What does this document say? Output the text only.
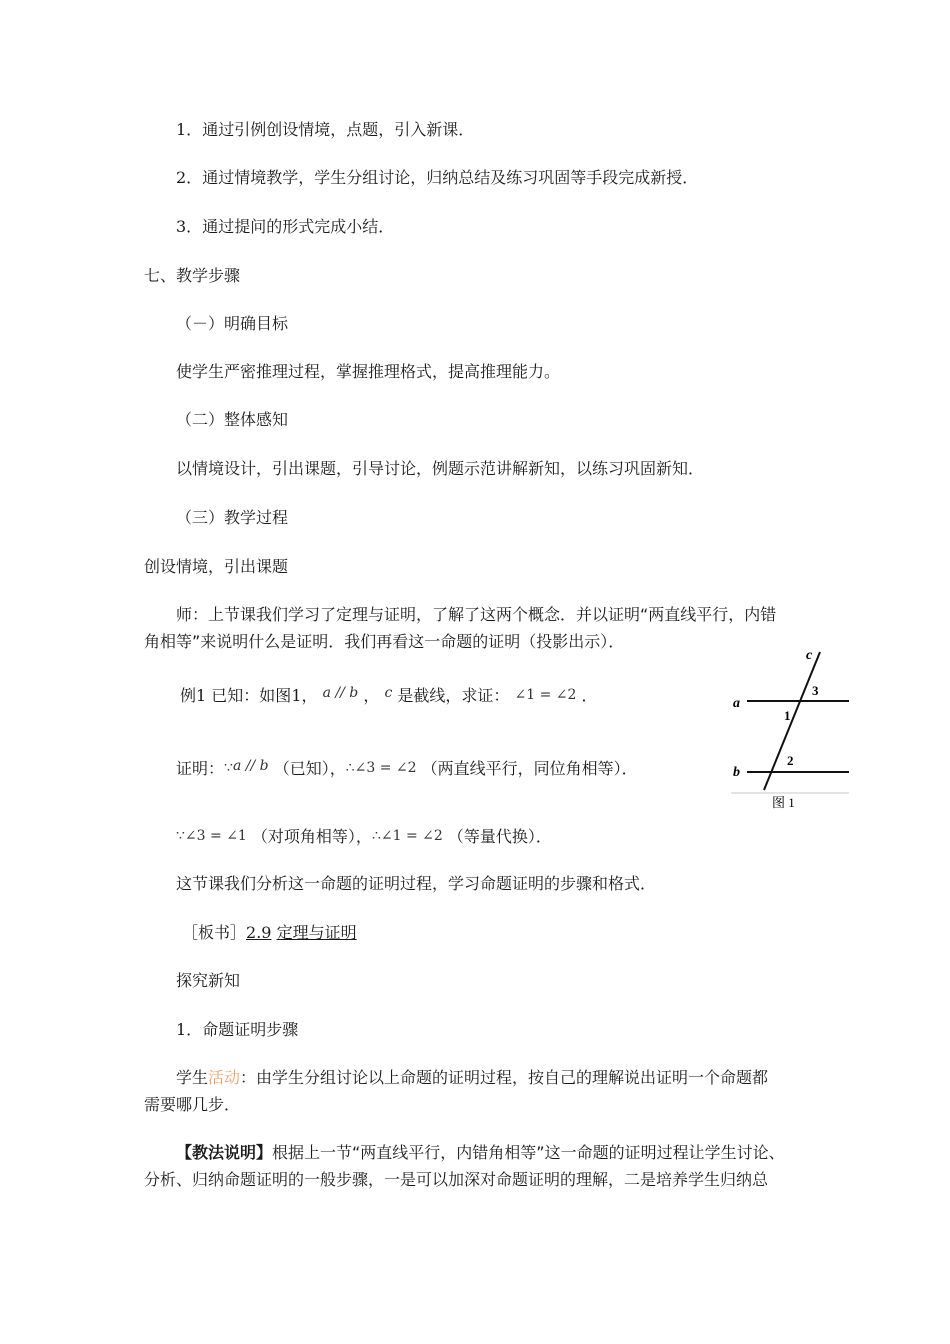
1．通过引例创设情境，点题，引入新课．
2．通过情境教学，学生分组讨论，归纳总结及练习巩固等手段完成新授．
3．通过提问的形式完成小结．
七、教学步骤
（－）明确目标
使学生严密推理过程，掌握推理格式，提高推理能力。
（二）整体感知
以情境设计，引出课题，引导讨论，例题示范讲解新知，以练习巩固新知．
（三）教学过程
创设情境，引出课题
师：上节课我们学习了定理与证明，了解了这两个概念．并以证明“两直线平行，内错
角相等”来说明什么是证明．我们再看这一命题的证明（投影出示）．
例1 已知：如图1， a // b ， c 是截线，求证： ∠1 = ∠2 ．
证明：∵a // b （已知），∴∠3 = ∠2 （两直线平行，同位角相等）．
∵∠3 = ∠1 （对项角相等），∴∠1 = ∠2 （等量代换）．
这节课我们分析这一命题的证明过程，学习命题证明的步骤和格式．
［板书］2.9 定理与证明
探究新知
1．命题证明步骤
学生活动：由学生分组讨论以上命题的证明过程，按自己的理解说出证明一个命题都
需要哪几步．
【教法说明】根据上一节“两直线平行，内错角相等”这一命题的证明过程让学生讨论、
分析、归纳命题证明的一般步骤，一是可以加深对命题证明的理解，二是培养学生归纳总
a
b
c
1
2
3
图 1
